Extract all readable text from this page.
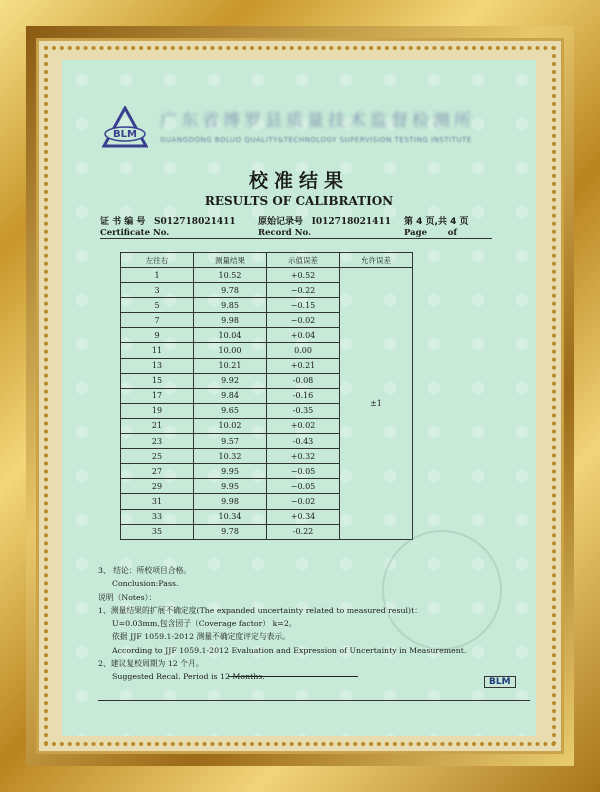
BLM
广东省博罗县质量技术监督检测所
GUANGDONG BOLUO QUALITY&TECHNOLOGY SUPERVISION TESTING INSTITUTE
校准结果
RESULTS OF CALIBRATION
证 书 编 号 S012718021411
Certificate No.
原始记录号 I012718021411
Record No.
第 4 页,共 4 页
Page       of
左往右	测量结果	示值误差	允许误差
1	10.52	+0.52	±1
3	9.78	−0.22	
5	9.85	−0.15	
7	9.98	−0.02	
9	10.04	+0.04	
11	10.00	0.00	
13	10.21	+0.21	
15	9.92	-0.08	
17	9.84	-0.16	
19	9.65	-0.35	
21	10.02	+0.02	
23	9.57	-0.43	
25	10.32	+0.32	
27	9.95	−0.05	
29	9.95	−0.05	
31	9.98	−0.02	
33	10.34	+0.34	
35	9.78	-0.22	
3、 结论：所校项目合格。
Conclusion:Pass.
说明（Notes）：
1、测量结果的扩展不确定度(The expanded uncertainty related to measured resul)t：
U=0.03mm,包含因子（Coverage factor） k=2。
依据 JJF 1059.1-2012 测量不确定度评定与表示。
According to JJF 1059.1-2012 Evaluation and Expression of Uncertainty in Measurement.
2、建议复校周期为 12 个月。
Suggested Recal. Period is 12 Months.
BLM
